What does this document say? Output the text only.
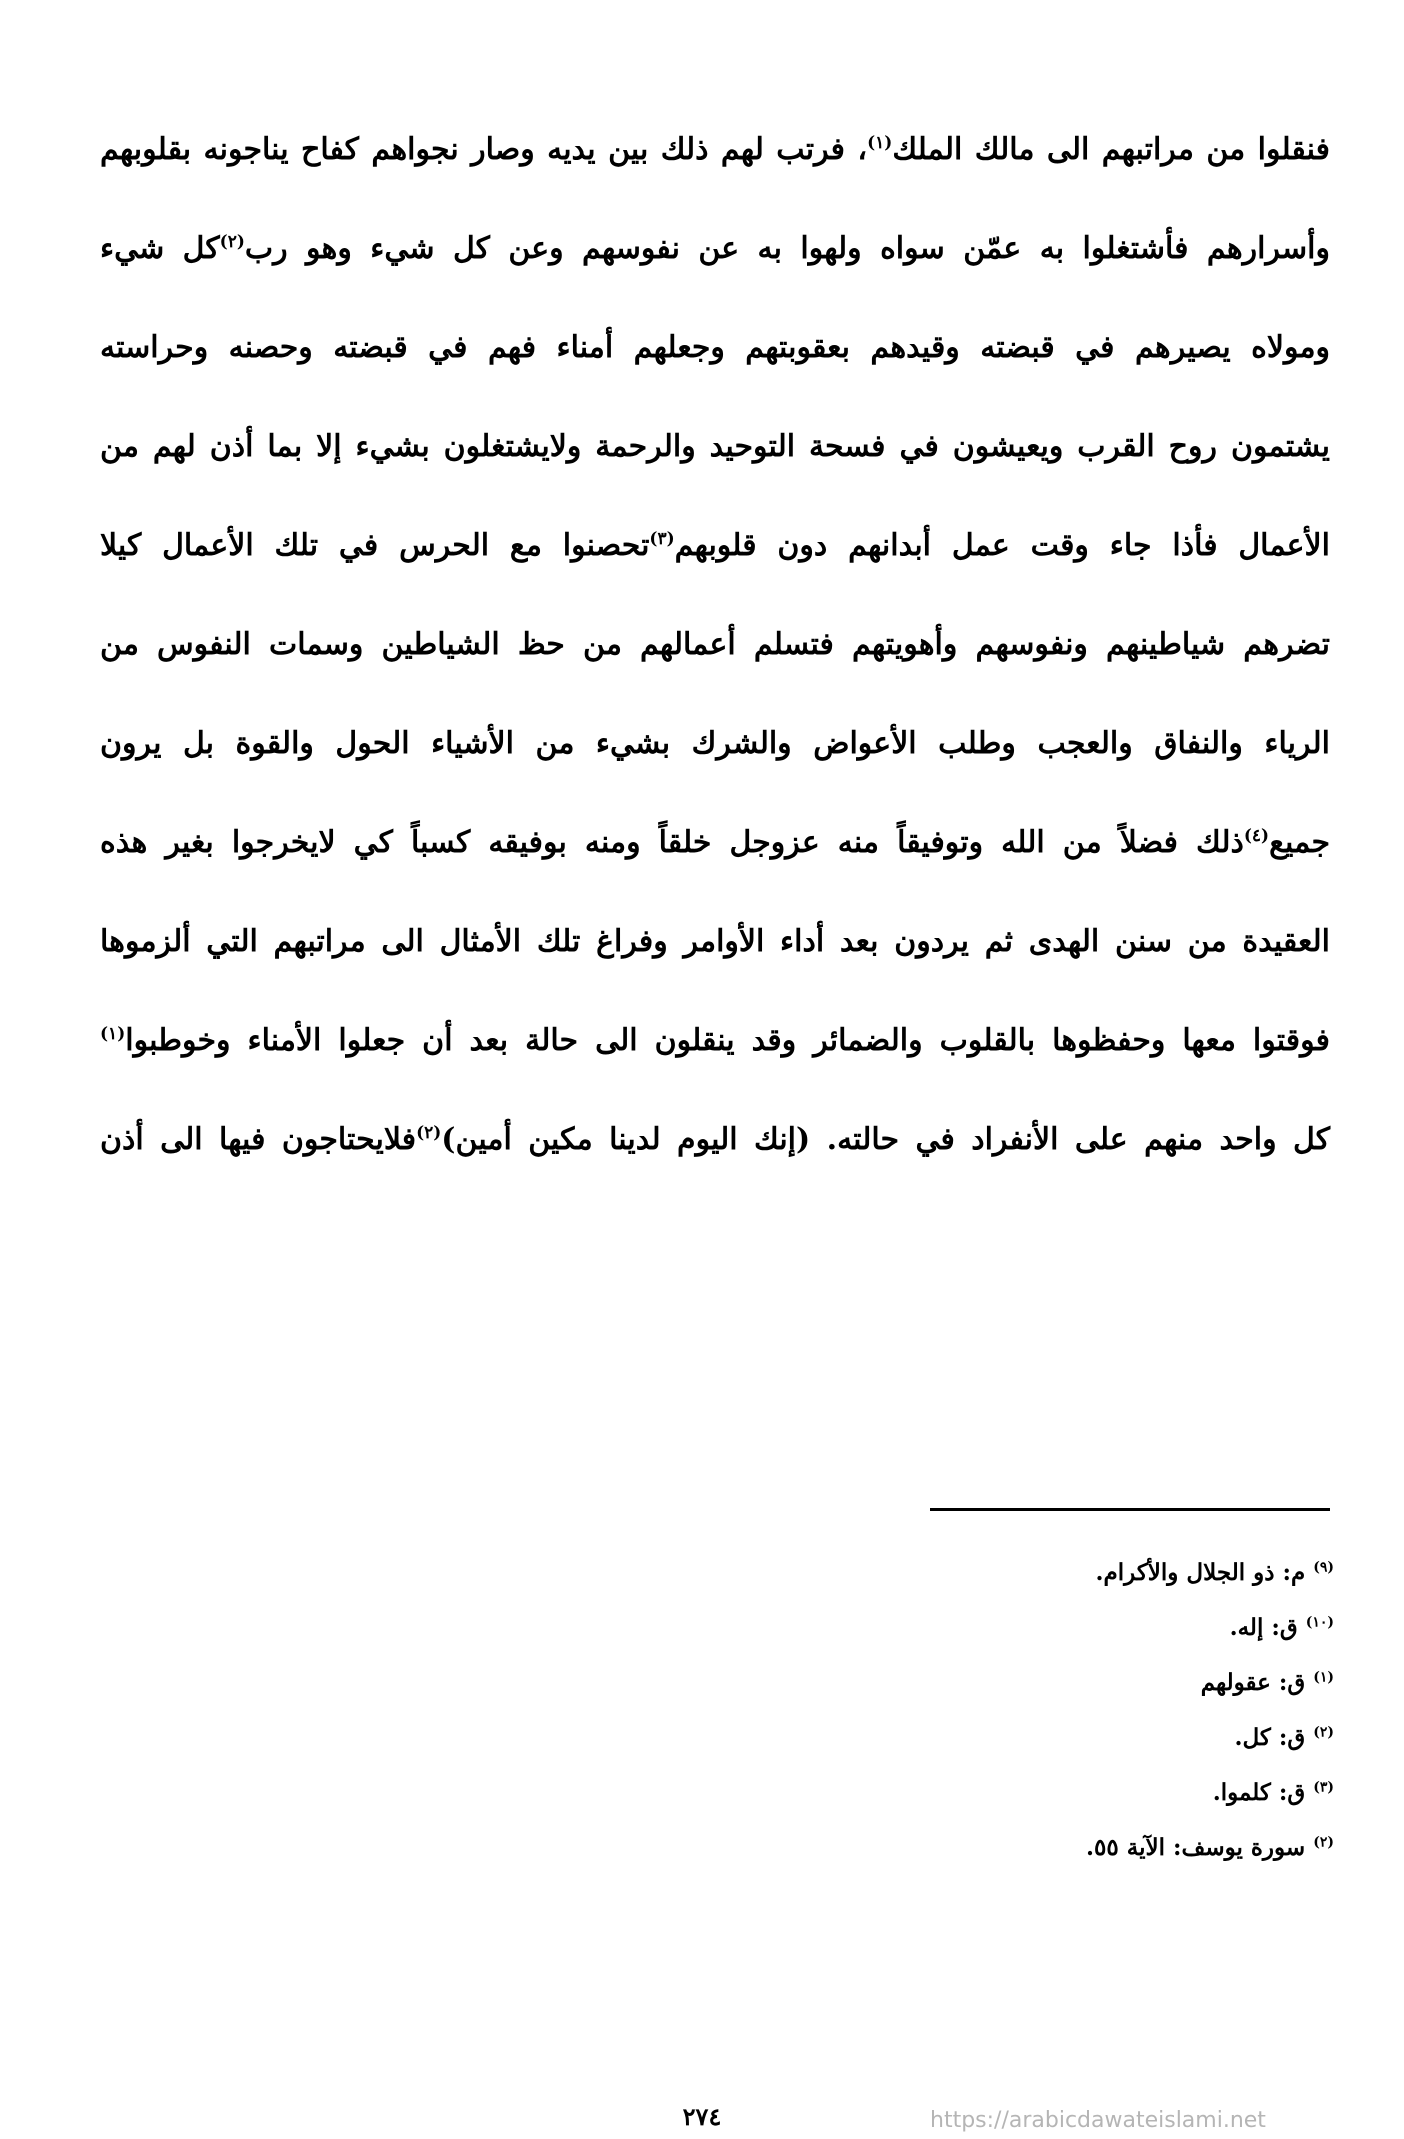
فنقلوا من مراتبهم الى مالك الملك$^{(١)}$، فرتب لهم ذلك بين يديه وصار نجواهم كفاح يناجونه بقلوبهم
وأسرارهم فأشتغلوا به عمّن سواه ولهوا به عن نفوسهم وعن كل شيء وهو رب$^{(٢)}$كل شيء
ومولاه يصيرهم في قبضته وقيدهم بعقوبتهم وجعلهم أمناء فهم في قبضته وحصنه وحراسته
يشتمون روح القرب ويعيشون في فسحة التوحيد والرحمة ولايشتغلون بشيء إلا بما أذن لهم من
الأعمال فأذا جاء وقت عمل أبدانهم دون قلوبهم$^{(٣)}$تحصنوا مع الحرس في تلك الأعمال كيلا
تضرهم شياطينهم ونفوسهم وأهويتهم فتسلم أعمالهم من حظ الشياطين وسمات النفوس من
الرياء والنفاق والعجب وطلب الأعواض والشرك بشيء من الأشياء الحول والقوة بل يرون
جميع$^{(٤)}$ذلك فضلاً من الله وتوفيقاً منه عزوجل خلقاً ومنه بوفيقه كسباً كي لايخرجوا بغير هذه
العقيدة من سنن الهدى ثم يردون بعد أداء الأوامر وفراغ تلك الأمثال الى مراتبهم التي ألزموها
فوقتوا معها وحفظوها بالقلوب والضمائر وقد ينقلون الى حالة بعد أن جعلوا الأمناء وخوطبوا$^{(١)}$
كل واحد منهم على الأنفراد في حالته. (إنك اليوم لدينا مكين أمين)$^{(٢)}$فلايحتاجون فيها الى أذن
$^{(٩)}$ م: ذو الجلال والأكرام.
$^{(١٠)}$ ق: إله.
$^{(١)}$ ق: عقولهم
$^{(٢)}$ ق: كل.
$^{(٣)}$ ق: كلموا.
$^{(٢)}$ سورة يوسف: الآية ٥٥.
٢٧٤	https://arabicdawateislami.net
